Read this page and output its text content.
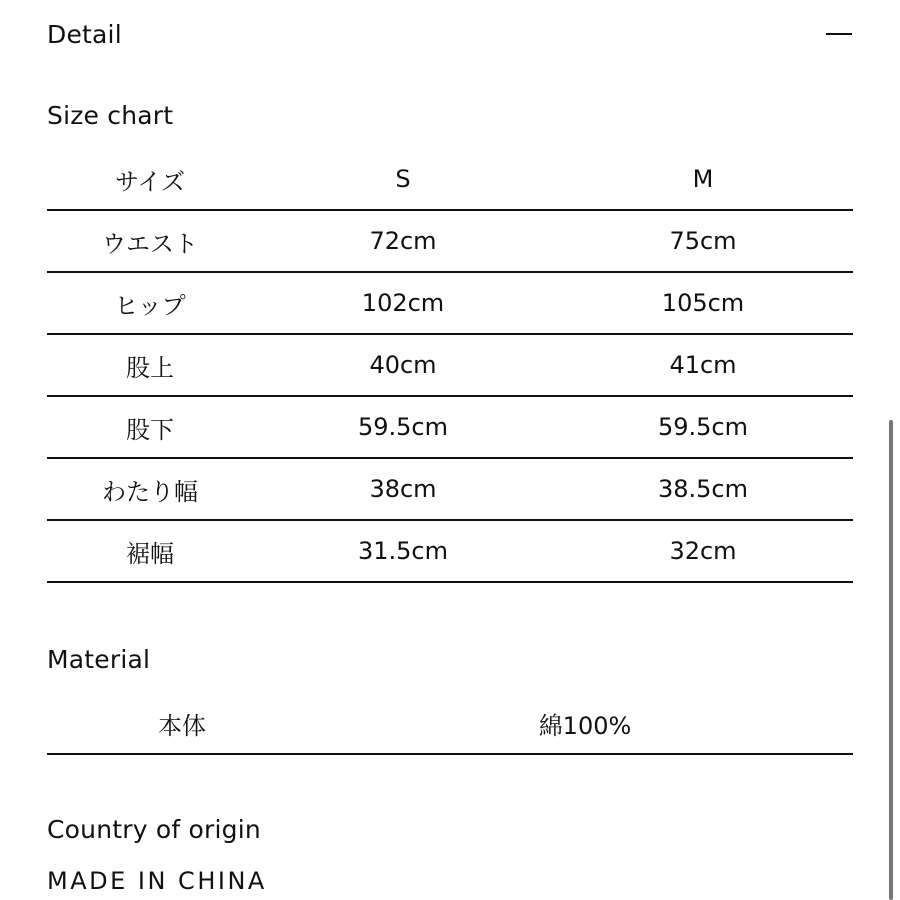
Detail
Size chart
サイズ	S	M
ウエスト	72cm	75cm
ヒップ	102cm	105cm
股上	40cm	41cm
股下	59.5cm	59.5cm
わたり幅	38cm	38.5cm
裾幅	31.5cm	32cm
Material
本体	綿100%
Country of origin
MADE IN CHINA
